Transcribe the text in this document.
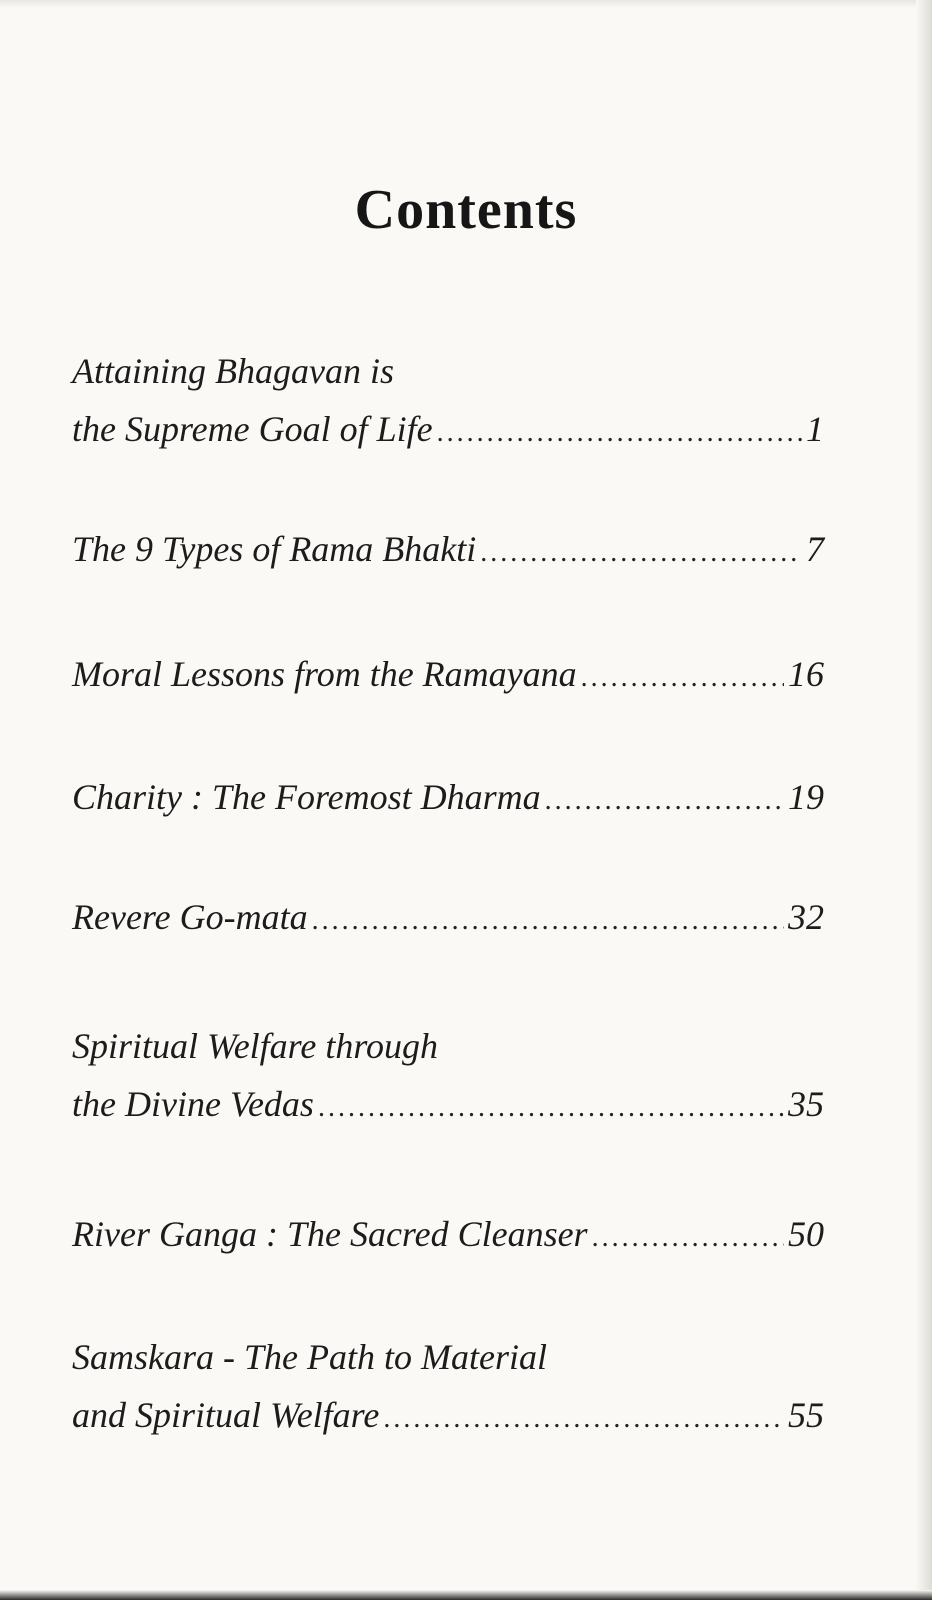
Contents
Attaining Bhagavan is
the Supreme Goal of Life .....	1
The 9 Types of Rama Bhakti .....	7
Moral Lessons from the Ramayana .....	16
Charity : The Foremost Dharma .....	19
Revere Go-mata .....	32
Spiritual Welfare through
the Divine Vedas .....	35
River Ganga : The Sacred Cleanser .....	50
Samskara - The Path to Material
and Spiritual Welfare .....	55
